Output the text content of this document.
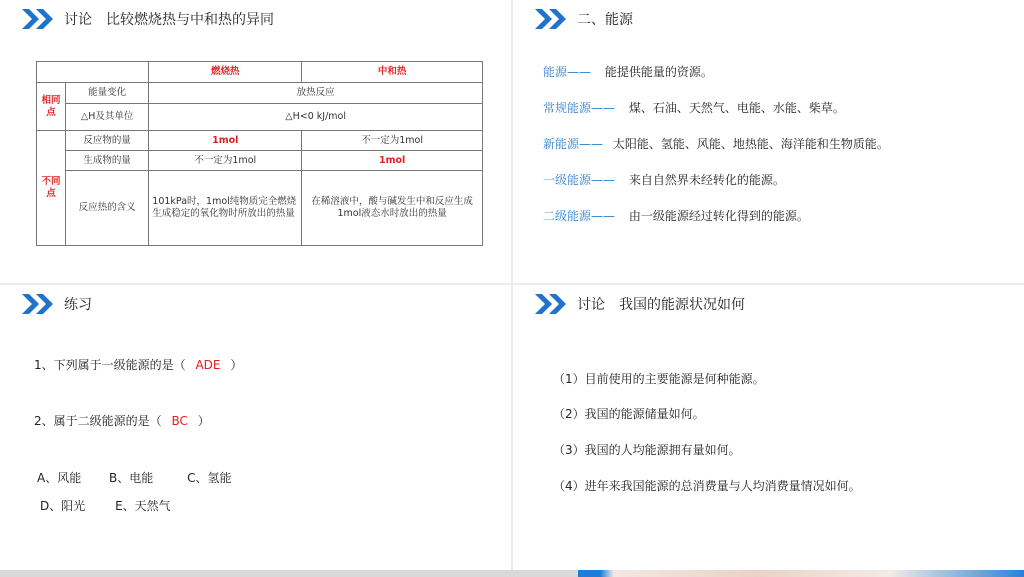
讨论　比较燃烧热与中和热的异同
		燃烧热	中和热
相同点	能量变化	放热反应	
	△H及其单位	△H<0 kJ/mol	
不同点	反应物的量	1mol	不一定为1mol
	生成物的量	不一定为1mol	1mol
	反应热的含义	101kPa时，1mol纯物质完全燃烧生成稳定的氧化物时所放出的热量	在稀溶液中，酸与碱发生中和反应生成1mol液态水时放出的热量
二、能源
能源—— 能提供能量的资源。
常规能源—— 煤、石油、天然气、电能、水能、柴草。
新能源—— 太阳能、氢能、风能、地热能、海洋能和生物质能。
一级能源—— 来自自然界未经转化的能源。
二级能源—— 由一级能源经过转化得到的能源。
练习
1、下列属于一级能源的是（ ADE ）
2、属于二级能源的是（ BC ）
A、风能 B、电能	C、氢能
D、阳光 E、天然气
讨论　我国的能源状况如何
（1）目前使用的主要能源是何种能源。
（2）我国的能源储量如何。
（3）我国的人均能源拥有量如何。
（4）进年来我国能源的总消费量与人均消费量情况如何。
